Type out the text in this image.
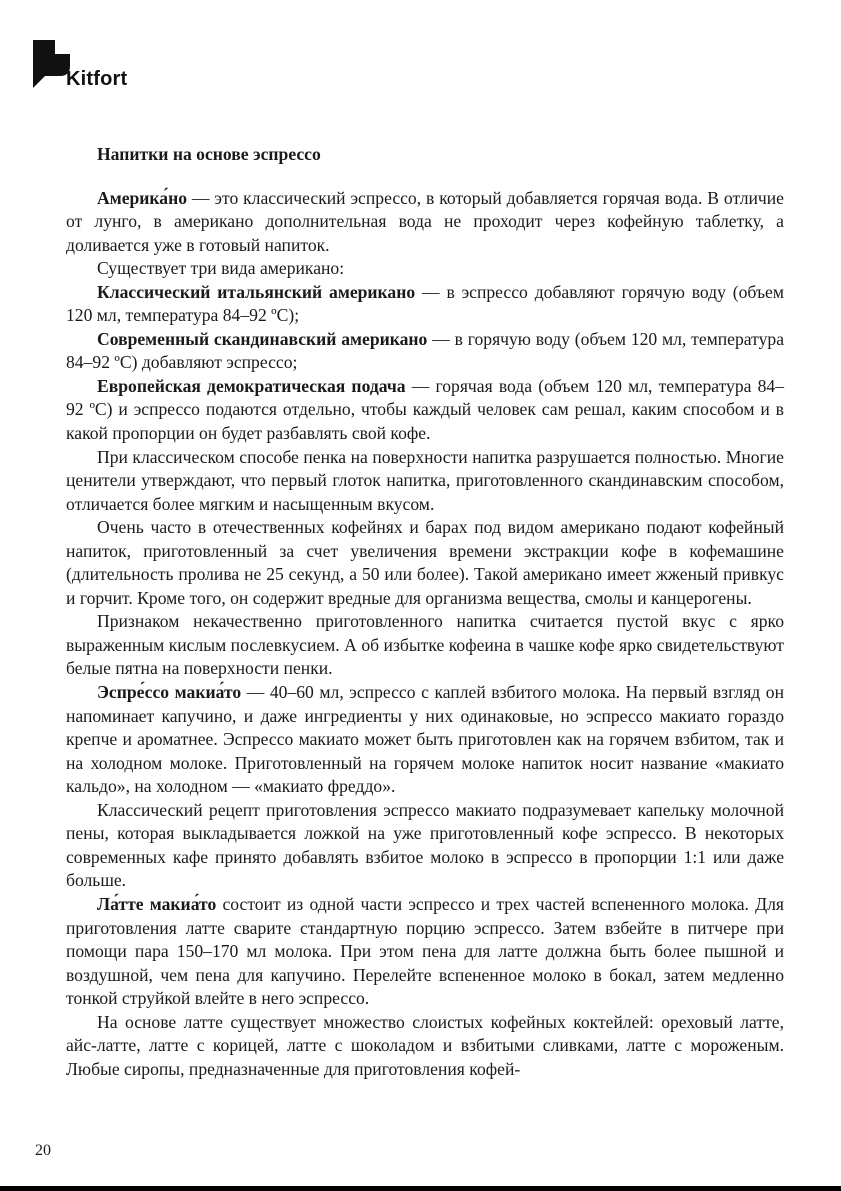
Kitfort
Напитки на основе эспрессо

Америка́но — это классический эспрессо, в который добавляется горячая вода. В отличие от лунго, в американо дополнительная вода не проходит через кофейную таблетку, а доливается уже в готовый напиток.

Существует три вида американо:

Классический итальянский американо — в эспрессо добавляют горячую воду (объем 120 мл, температура 84–92 ºС);

Современный скандинавский американо — в горячую воду (объем 120 мл, температура 84–92 ºС) добавляют эспрессо;

Европейская демократическая подача — горячая вода (объем 120 мл, температура 84–92 ºС) и эспрессо подаются отдельно, чтобы каждый человек сам решал, каким способом и в какой пропорции он будет разбавлять свой кофе.

При классическом способе пенка на поверхности напитка разрушается полностью. Многие ценители утверждают, что первый глоток напитка, приготовленного скандинавским способом, отличается более мягким и насыщенным вкусом.

Очень часто в отечественных кофейнях и барах под видом американо подают кофейный напиток, приготовленный за счет увеличения времени экстракции кофе в кофемашине (длительность пролива не 25 секунд, а 50 или более). Такой американо имеет жженый привкус и горчит. Кроме того, он содержит вредные для организма вещества, смолы и канцерогены.

Признаком некачественно приготовленного напитка считается пустой вкус с ярко выраженным кислым послевкусием. А об избытке кофеина в чашке кофе ярко свидетельствуют белые пятна на поверхности пенки.

Эспре́ссо макиа́то — 40–60 мл, эспрессо с каплей взбитого молока. На первый взгляд он напоминает капучино, и даже ингредиенты у них одинаковые, но эспрессо макиато гораздо крепче и ароматнее. Эспрессо макиато может быть приготовлен как на горячем взбитом, так и на холодном молоке. Приготовленный на горячем молоке напиток носит название «макиато кальдо», на холодном — «макиато фреддо».

Классический рецепт приготовления эспрессо макиато подразумевает капельку молочной пены, которая выкладывается ложкой на уже приготовленный кофе эспрессо. В некоторых современных кафе принято добавлять взбитое молоко в эспрессо в пропорции 1:1 или даже больше.

Ла́тте макиа́то состоит из одной части эспрессо и трех частей вспененного молока. Для приготовления латте сварите стандартную порцию эспрессо. Затем взбейте в питчере при помощи пара 150–170 мл молока. При этом пена для латте должна быть более пышной и воздушной, чем пена для капучино. Перелейте вспененное молоко в бокал, затем медленно тонкой струйкой влейте в него эспрессо.

На основе латте существует множество слоистых кофейных коктейлей: ореховый латте, айс-латте, латте с корицей, латте с шоколадом и взбитыми сливками, латте с мороженым. Любые сиропы, предназначенные для приготовления кофей-

20
